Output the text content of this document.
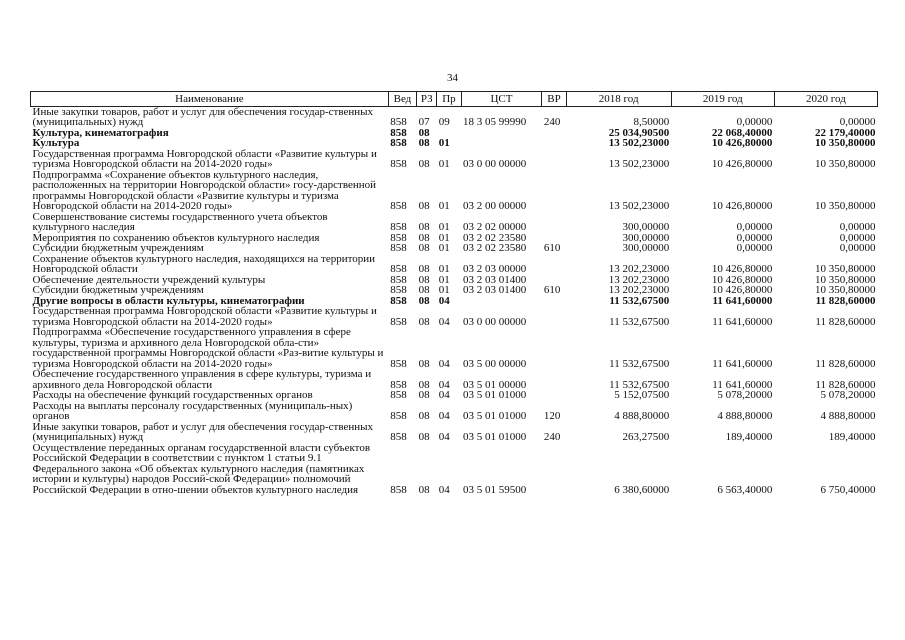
34
Наименование	Вед	РЗ	Пр	ЦСТ	ВР	2018 год	2019 год	2020 год
Иные закупки товаров, работ и услуг для обеспечения государ-ственных (муниципальных) нужд	858	07	09	18 3 05 99990	240	8,50000	0,00000	0,00000
Культура, кинематография	858	08				25 034,90500	22 068,40000	22 179,40000
Культура	858	08	01			13 502,23000	10 426,80000	10 350,80000
Государственная программа Новгородской области «Развитие культуры и туризма Новгородской области на 2014-2020 годы»	858	08	01	03 0 00 00000		13 502,23000	10 426,80000	10 350,80000
Подпрограмма «Сохранение объектов культурного наследия, расположенных на территории Новгородской области» госу-дарственной программы Новгородской области «Развитие культуры и туризма Новгородской области на 2014-2020 годы»	858	08	01	03 2 00 00000		13 502,23000	10 426,80000	10 350,80000
Совершенствование системы государственного учета объектов культурного наследия	858	08	01	03 2 02 00000		300,00000	0,00000	0,00000
Мероприятия по сохранению объектов культурного наследия	858	08	01	03 2 02 23580		300,00000	0,00000	0,00000
Субсидии бюджетным учреждениям	858	08	01	03 2 02 23580	610	300,00000	0,00000	0,00000
Сохранение объектов культурного наследия, находящихся на территории Новгородской области	858	08	01	03 2 03 00000		13 202,23000	10 426,80000	10 350,80000
Обеспечение деятельности учреждений культуры	858	08	01	03 2 03 01400		13 202,23000	10 426,80000	10 350,80000
Субсидии бюджетным учреждениям	858	08	01	03 2 03 01400	610	13 202,23000	10 426,80000	10 350,80000
Другие вопросы в области культуры, кинематографии	858	08	04			11 532,67500	11 641,60000	11 828,60000
Государственная программа Новгородской области «Развитие культуры и туризма Новгородской области на 2014-2020 годы»	858	08	04	03 0 00 00000		11 532,67500	11 641,60000	11 828,60000
Подпрограмма «Обеспечение государственного управления в сфере культуры, туризма и архивного дела Новгородской обла-сти» государственной программы Новгородской области «Раз-витие культуры и туризма Новгородской области на 2014-2020 годы»	858	08	04	03 5 00 00000		11 532,67500	11 641,60000	11 828,60000
Обеспечение государственного управления в сфере культуры, туризма и архивного дела Новгородской области	858	08	04	03 5 01 00000		11 532,67500	11 641,60000	11 828,60000
Расходы на обеспечение функций государственных органов	858	08	04	03 5 01 01000		5 152,07500	5 078,20000	5 078,20000
Расходы на выплаты персоналу государственных (муниципаль-ных) органов	858	08	04	03 5 01 01000	120	4 888,80000	4 888,80000	4 888,80000
Иные закупки товаров, работ и услуг для обеспечения государ-ственных (муниципальных) нужд	858	08	04	03 5 01 01000	240	263,27500	189,40000	189,40000
Осуществление переданных органам государственной власти субъектов Российской Федерации в соответствии с пунктом 1 статьи 9.1 Федерального закона «Об объектах культурного наследия (памятниках истории и культуры) народов Россий-ской Федерации» полномочий Российской Федерации в отно-шении объектов культурного наследия	858	08	04	03 5 01 59500		6 380,60000	6 563,40000	6 750,40000
